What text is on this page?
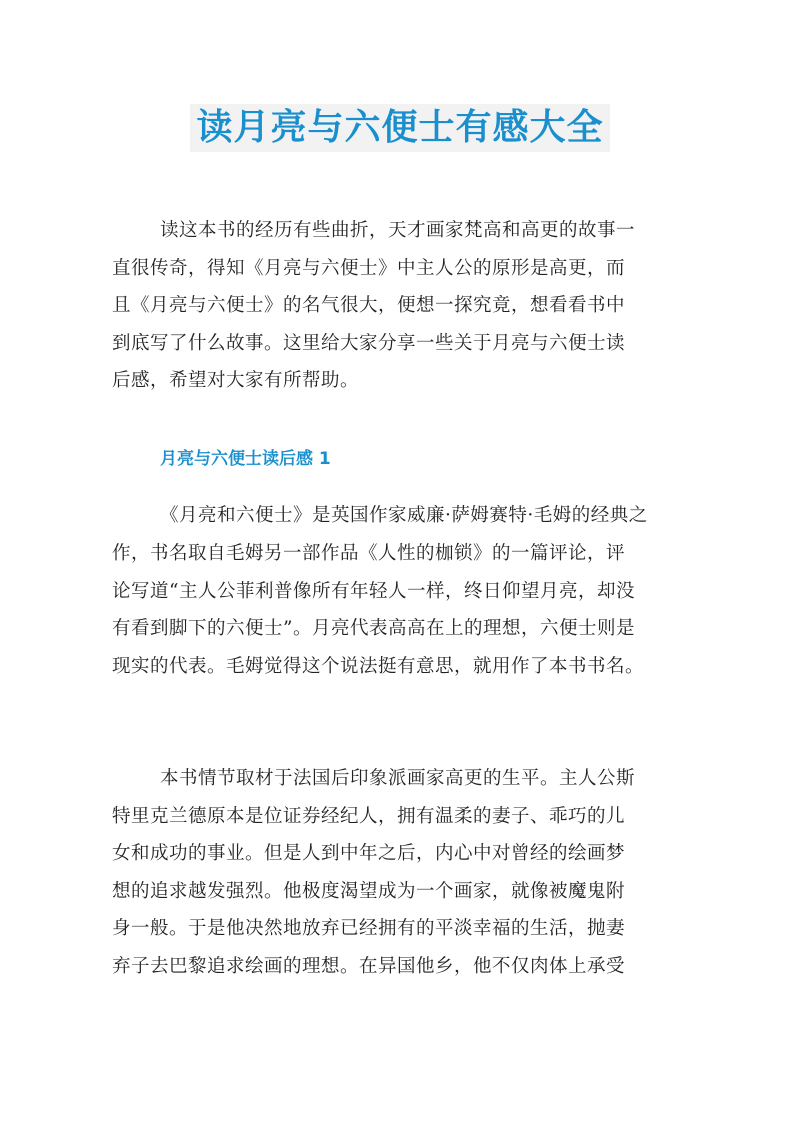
读月亮与六便士有感大全
读这本书的经历有些曲折，天才画家梵高和高更的故事一
直很传奇，得知《月亮与六便士》中主人公的原形是高更，而
且《月亮与六便士》的名气很大，便想一探究竟，想看看书中
到底写了什么故事。这里给大家分享一些关于月亮与六便士读
后感，希望对大家有所帮助。
月亮与六便士读后感 1
《月亮和六便士》是英国作家威廉·萨姆赛特·毛姆的经典之
作，书名取自毛姆另一部作品《人性的枷锁》的一篇评论，评
论写道“主人公菲利普像所有年轻人一样，终日仰望月亮，却没
有看到脚下的六便士”。月亮代表高高在上的理想，六便士则是
现实的代表。毛姆觉得这个说法挺有意思，就用作了本书书名。
本书情节取材于法国后印象派画家高更的生平。主人公斯
特里克兰德原本是位证券经纪人，拥有温柔的妻子、乖巧的儿
女和成功的事业。但是人到中年之后，内心中对曾经的绘画梦
想的追求越发强烈。他极度渴望成为一个画家，就像被魔鬼附
身一般。于是他决然地放弃已经拥有的平淡幸福的生活，抛妻
弃子去巴黎追求绘画的理想。在异国他乡，他不仅肉体上承受
